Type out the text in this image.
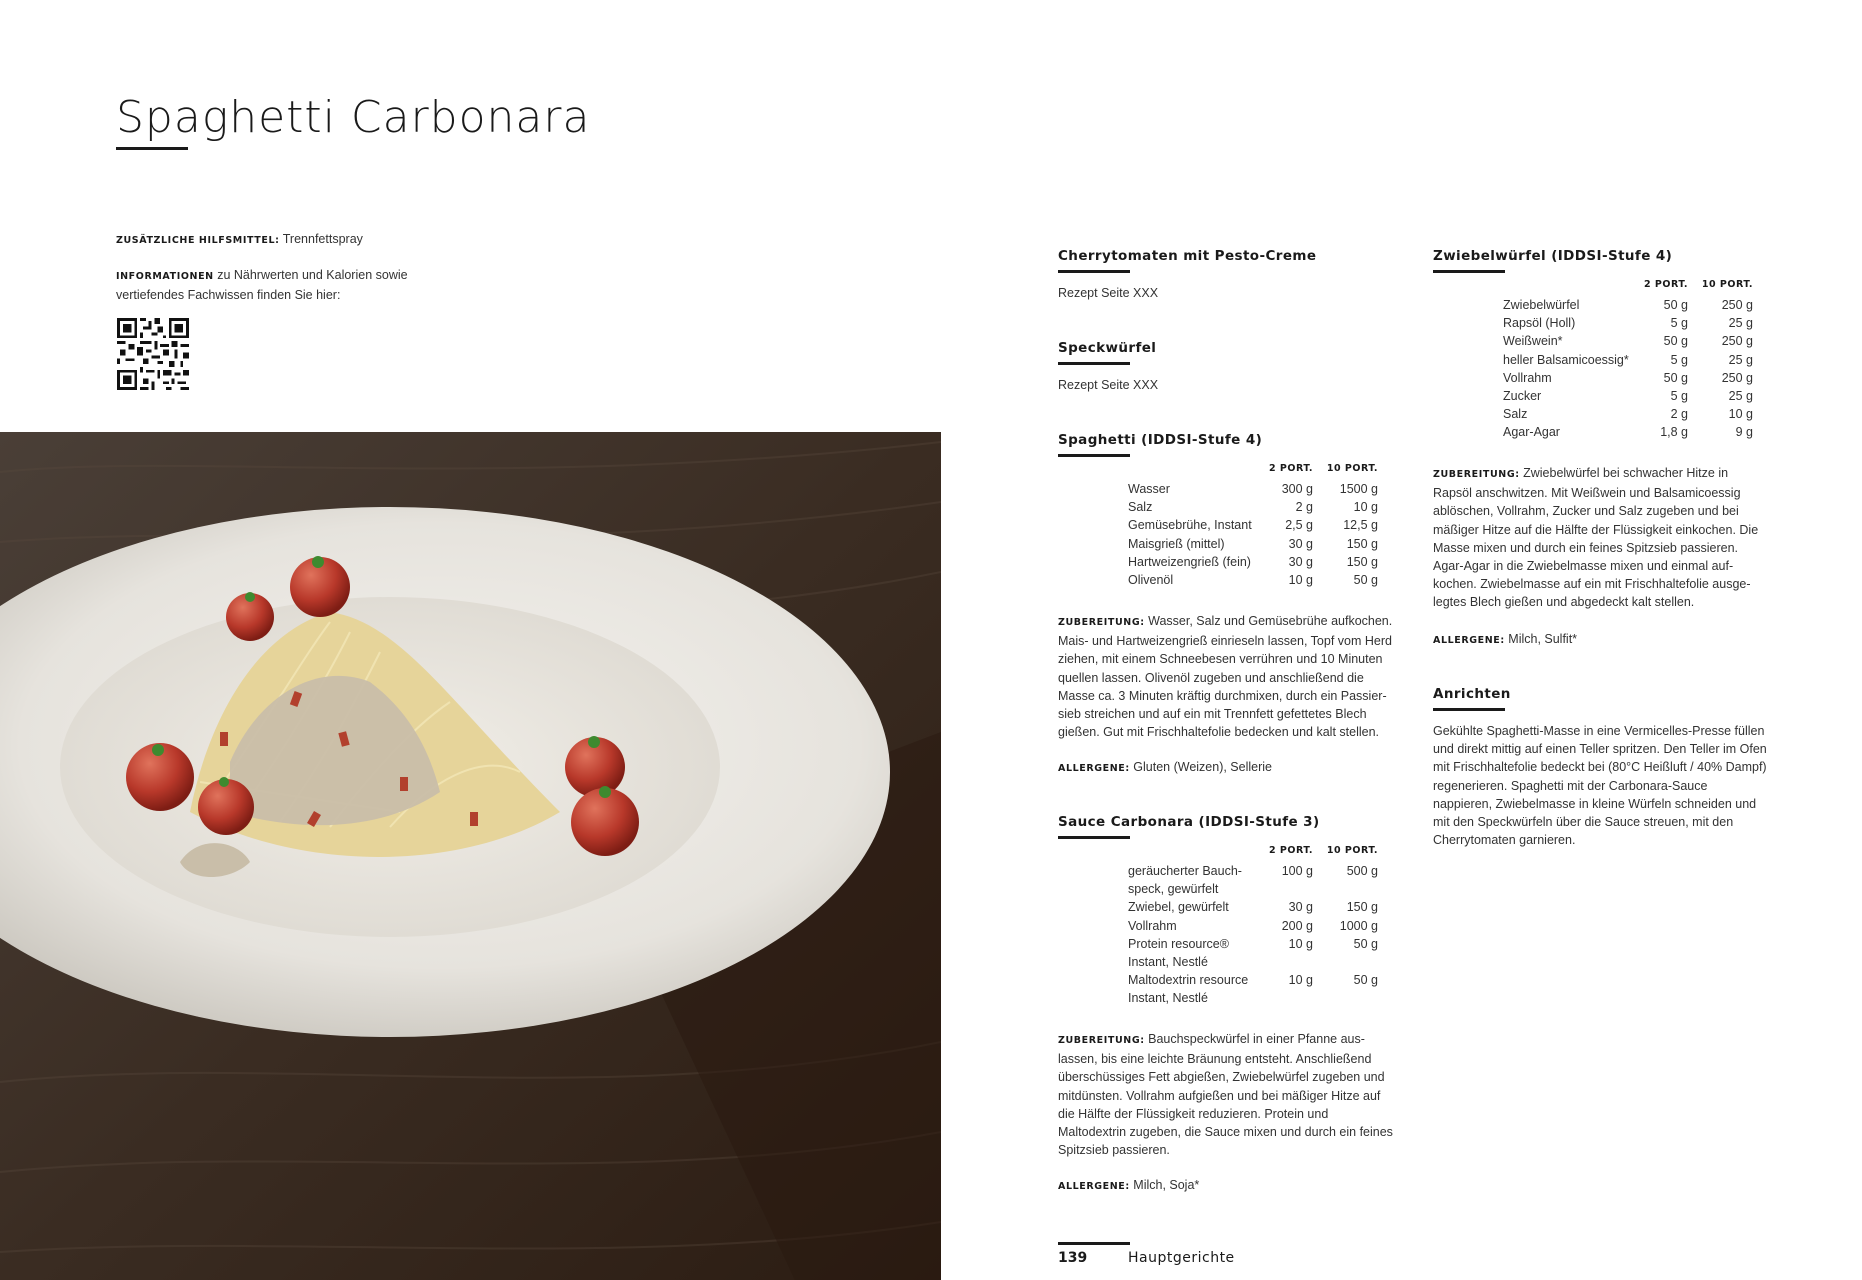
Spaghetti Carbonara
ZUSÄTZLICHE HILFSMITTEL: Trennfettspray
INFORMATIONEN zu Nährwerten und Kalorien sowie vertiefendes Fachwissen finden Sie hier:
Cherrytomaten mit Pesto-Creme
Rezept Seite XXX
Speckwürfel
Rezept Seite XXX
Spaghetti (IDDSI-Stufe 4)
	2 PORT.	10 PORT.
Wasser	300 g	1500 g
Salz	2 g	10 g
Gemüsebrühe, Instant	2,5 g	12,5 g
Maisgrieß (mittel)	30 g	150 g
Hartweizengrieß (fein)	30 g	150 g
Olivenöl	10 g	50 g
ZUBEREITUNG: Wasser, Salz und Gemüsebrühe aufkochen. Mais- und Hartweizengrieß einrieseln lassen, Topf vom Herd ziehen, mit einem Schneebesen verrühren und 10 Minuten quellen lassen. Olivenöl zugeben und anschließend die Masse ca. 3 Minuten kräftig durchmixen, durch ein Passier-sieb streichen und auf ein mit Trennfett gefettetes Blech gießen. Gut mit Frischhaltefolie bedecken und kalt stellen.
ALLERGENE: Gluten (Weizen), Sellerie
Sauce Carbonara (IDDSI-Stufe 3)
	2 PORT.	10 PORT.
geräucherter Bauch-speck, gewürfelt	100 g	500 g
Zwiebel, gewürfelt	30 g	150 g
Vollrahm	200 g	1000 g
Protein resource® Instant, Nestlé	10 g	50 g
Maltodextrin resource Instant, Nestlé	10 g	50 g
ZUBEREITUNG: Bauchspeckwürfel in einer Pfanne aus-lassen, bis eine leichte Bräunung entsteht. Anschließend überschüssiges Fett abgießen, Zwiebelwürfel zugeben und mitdünsten. Vollrahm aufgießen und bei mäßiger Hitze auf die Hälfte der Flüssigkeit reduzieren. Protein und Maltodextrin zugeben, die Sauce mixen und durch ein feines Spitzsieb passieren.
ALLERGENE: Milch, Soja*
Zwiebelwürfel (IDDSI-Stufe 4)
	2 PORT.	10 PORT.
Zwiebelwürfel	50 g	250 g
Rapsöl (Holl)	5 g	25 g
Weißwein*	50 g	250 g
heller Balsamicoessig*	5 g	25 g
Vollrahm	50 g	250 g
Zucker	5 g	25 g
Salz	2 g	10 g
Agar-Agar	1,8 g	9 g
ZUBEREITUNG: Zwiebelwürfel bei schwacher Hitze in Rapsöl anschwitzen. Mit Weißwein und Balsamicoessig ablöschen, Vollrahm, Zucker und Salz zugeben und bei mäßiger Hitze auf die Hälfte der Flüssigkeit einkochen. Die Masse mixen und durch ein feines Spitzsieb passieren. Agar-Agar in die Zwiebelmasse mixen und einmal auf-kochen. Zwiebelmasse auf ein mit Frischhaltefolie ausge-legtes Blech gießen und abgedeckt kalt stellen.
ALLERGENE: Milch, Sulfit*
Anrichten
Gekühlte Spaghetti-Masse in eine Vermicelles-Presse füllen und direkt mittig auf einen Teller spritzen. Den Teller im Ofen mit Frischhaltefolie bedeckt bei (80°C Heißluft / 40% Dampf) regenerieren. Spaghetti mit der Carbonara-Sauce nappieren, Zwiebelmasse in kleine Würfeln schneiden und mit den Speckwürfeln über die Sauce streuen, mit den Cherrytomaten garnieren.
139	Hauptgerichte
